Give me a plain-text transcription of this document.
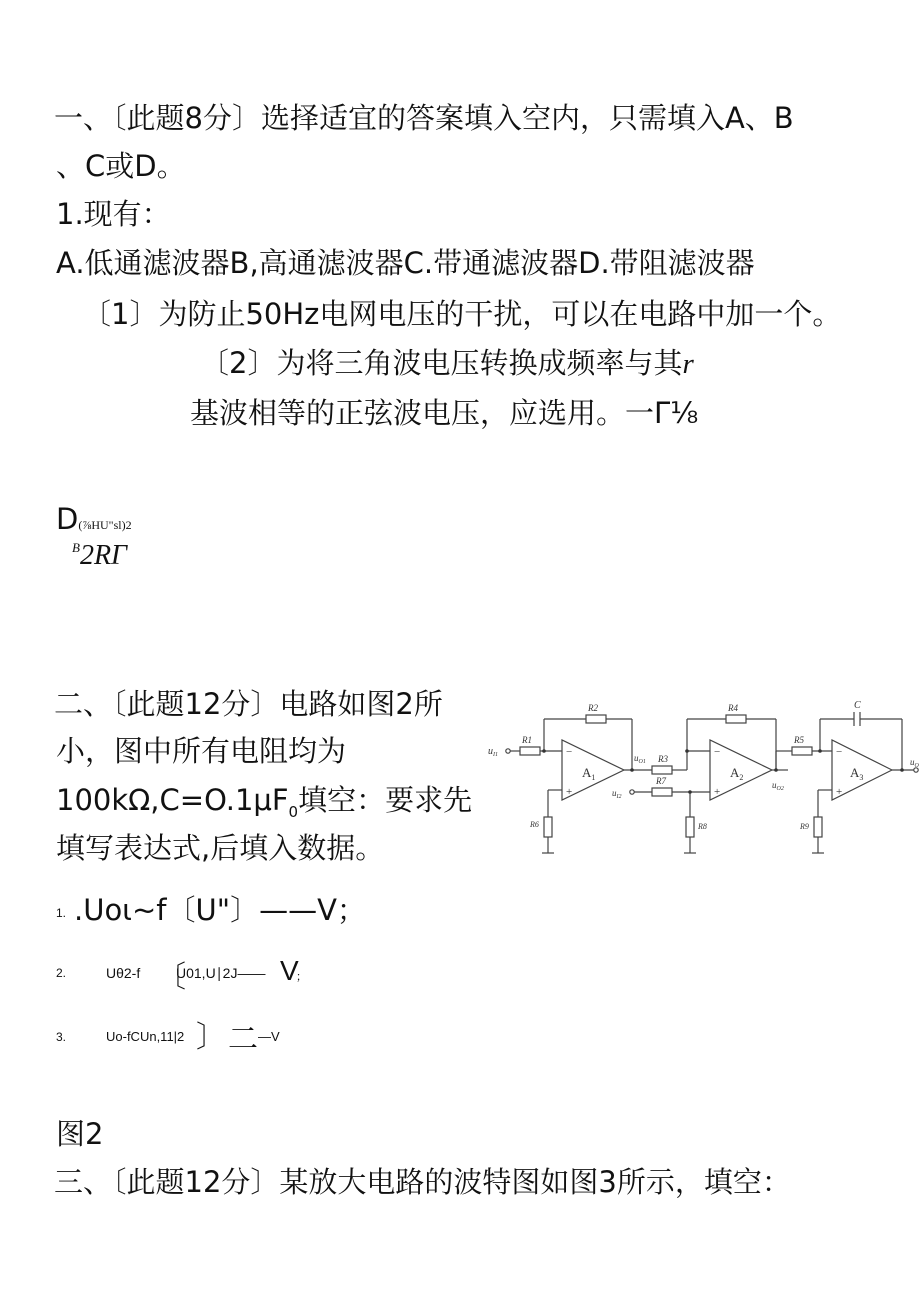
一、〔此题8分〕选择适宜的答案填入空内，只需填入A、B
、C或D。
1.现有：
A.低通滤波器B,高通滤波器C.带通滤波器D.带阻滤波器
〔1〕为防止50Hz电网电压的干扰，可以在电路中加一个。
〔2〕为将三角波电压转换成频率与其r
基波相等的正弦波电压，应选用。一Γ⅛
D(⅞HU"sl)2
$^B$2RΓ
二、〔此题12分〕电路如图2所
小，图中所有电阻均为
$100k\Omega,C=O.1\mu F_0$填空：要求先
填写表达式,后填入数据。
1. .Uoι~f〔U"〕——V；
2.	Uθ2-f 〔
U01,U∣2J—— V
；
3.	Uo-fCUn,11|2 〕 二 —V
图2
$u_{I1}$
R1
R2
−
+
$A_1$
R6
$u_{O1}$ R3
R4
−
+
$A_2$
$u_{I2}$
R7
R8
$u_{O2}$
R5
C
−
+
$A_3$
R9
$u_O$
三、〔此题12分〕某放大电路的波特图如图3所示，填空：
